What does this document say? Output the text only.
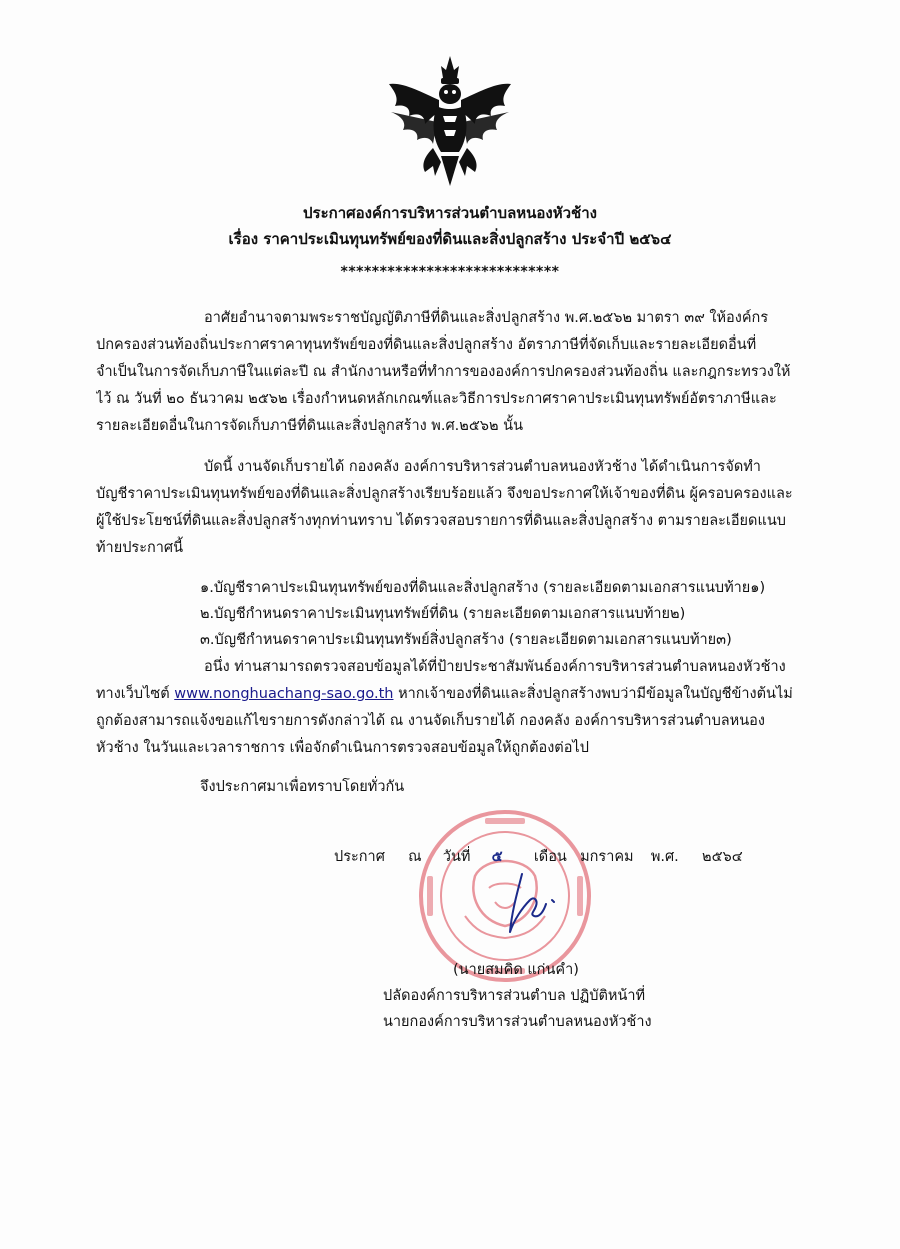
ประกาศองค์การบริหารส่วนตำบลหนองหัวช้าง
เรื่อง ราคาประเมินทุนทรัพย์ของที่ดินและสิ่งปลูกสร้าง ประจำปี ๒๕๖๔
****************************
อาศัยอำนาจตามพระราชบัญญัติภาษีที่ดินและสิ่งปลูกสร้าง พ.ศ.๒๕๖๒ มาตรา ๓๙ ให้องค์กร
ปกครองส่วนท้องถิ่นประกาศราคาทุนทรัพย์ของที่ดินและสิ่งปลูกสร้าง อัตราภาษีที่จัดเก็บและรายละเอียดอื่นที่
จำเป็นในการจัดเก็บภาษีในแต่ละปี ณ สำนักงานหรือที่ทำการขององค์การปกครองส่วนท้องถิ่น และกฎกระทรวงให้
ไว้ ณ วันที่ ๒๐ ธันวาคม ๒๕๖๒ เรื่องกำหนดหลักเกณฑ์และวิธีการประกาศราคาประเมินทุนทรัพย์อัตราภาษีและ
รายละเอียดอื่นในการจัดเก็บภาษีที่ดินและสิ่งปลูกสร้าง พ.ศ.๒๕๖๒ นั้น
บัดนี้ งานจัดเก็บรายได้ กองคลัง องค์การบริหารส่วนตำบลหนองหัวช้าง ได้ดำเนินการจัดทำ
บัญชีราคาประเมินทุนทรัพย์ของที่ดินและสิ่งปลูกสร้างเรียบร้อยแล้ว จึงขอประกาศให้เจ้าของที่ดิน ผู้ครอบครองและ
ผู้ใช้ประโยชน์ที่ดินและสิ่งปลูกสร้างทุกท่านทราบ ได้ตรวจสอบรายการที่ดินและสิ่งปลูกสร้าง ตามรายละเอียดแนบ
ท้ายประกาศนี้
๑.บัญชีราคาประเมินทุนทรัพย์ของที่ดินและสิ่งปลูกสร้าง (รายละเอียดตามเอกสารแนบท้าย๑)
๒.บัญชีกำหนดราคาประเมินทุนทรัพย์ที่ดิน (รายละเอียดตามเอกสารแนบท้าย๒)
๓.บัญชีกำหนดราคาประเมินทุนทรัพย์สิ่งปลูกสร้าง (รายละเอียดตามเอกสารแนบท้าย๓)
อนึ่ง ท่านสามารถตรวจสอบข้อมูลได้ที่ป้ายประชาสัมพันธ์องค์การบริหารส่วนตำบลหนองหัวช้าง
ทางเว็บไซต์ www.nonghuachang-sao.go.th หากเจ้าของที่ดินและสิ่งปลูกสร้างพบว่ามีข้อมูลในบัญชีข้างต้นไม่
ถูกต้องสามารถแจ้งขอแก้ไขรายการดังกล่าวได้ ณ งานจัดเก็บรายได้ กองคลัง องค์การบริหารส่วนตำบลหนอง
หัวช้าง ในวันและเวลาราชการ เพื่อจักดำเนินการตรวจสอบข้อมูลให้ถูกต้องต่อไป
จึงประกาศมาเพื่อทราบโดยทั่วกัน
ประกาศ ณ วันที่ ๕ เดือน มกราคม พ.ศ. ๒๕๖๔
(นายสมคิด แก่นคำ)
ปลัดองค์การบริหารส่วนตำบล ปฏิบัติหน้าที่
นายกองค์การบริหารส่วนตำบลหนองหัวช้าง
